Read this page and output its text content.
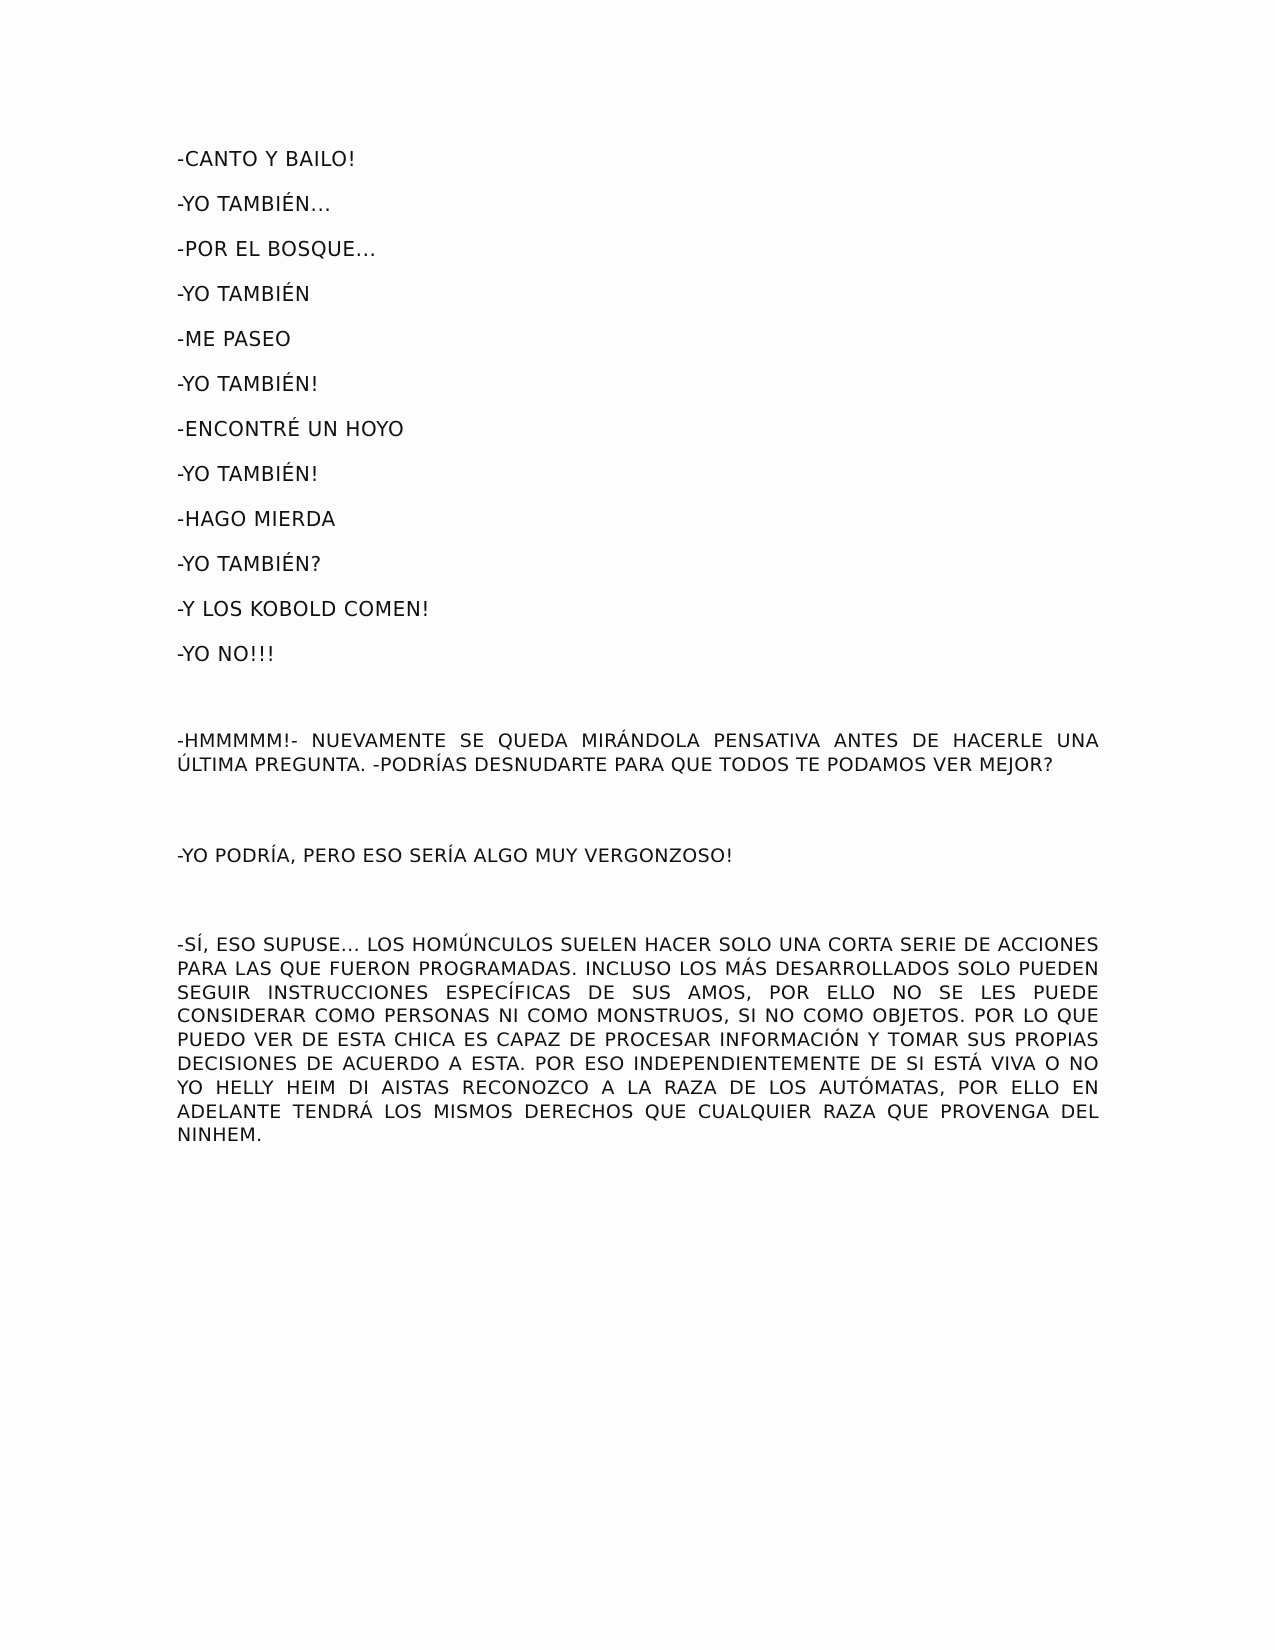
-CANTO Y BAILO!
-YO TAMBIÉN...
-POR EL BOSQUE...
-YO TAMBIÉN
-ME PASEO
-YO TAMBIÉN!
-ENCONTRÉ UN HOYO
-YO TAMBIÉN!
-HAGO MIERDA
-YO TAMBIÉN?
-Y LOS KOBOLD COMEN!
-YO NO!!!
-HMMMMM!- NUEVAMENTE SE QUEDA MIRÁNDOLA PENSATIVA ANTES DE HACERLE UNA ÚLTIMA PREGUNTA. -PODRÍAS DESNUDARTE PARA QUE TODOS TE PODAMOS VER MEJOR?
-YO PODRÍA, PERO ESO SERÍA ALGO MUY VERGONZOSO!
-SÍ, ESO SUPUSE... LOS HOMÚNCULOS SUELEN HACER SOLO UNA CORTA SERIE DE ACCIONES PARA LAS QUE FUERON PROGRAMADAS. INCLUSO LOS MÁS DESARROLLADOS SOLO PUEDEN SEGUIR INSTRUCCIONES ESPECÍFICAS DE SUS AMOS, POR ELLO NO SE LES PUEDE CONSIDERAR COMO PERSONAS NI COMO MONSTRUOS, SI NO COMO OBJETOS. POR LO QUE PUEDO VER DE ESTA CHICA ES CAPAZ DE PROCESAR INFORMACIÓN Y TOMAR SUS PROPIAS DECISIONES DE ACUERDO A ESTA. POR ESO INDEPENDIENTEMENTE DE SI ESTÁ VIVA O NO YO HELLY HEIM DI AISTAS RECONOZCO A LA RAZA DE LOS AUTÓMATAS, POR ELLO EN ADELANTE TENDRÁ LOS MISMOS DERECHOS QUE CUALQUIER RAZA QUE PROVENGA DEL NINHEM.
